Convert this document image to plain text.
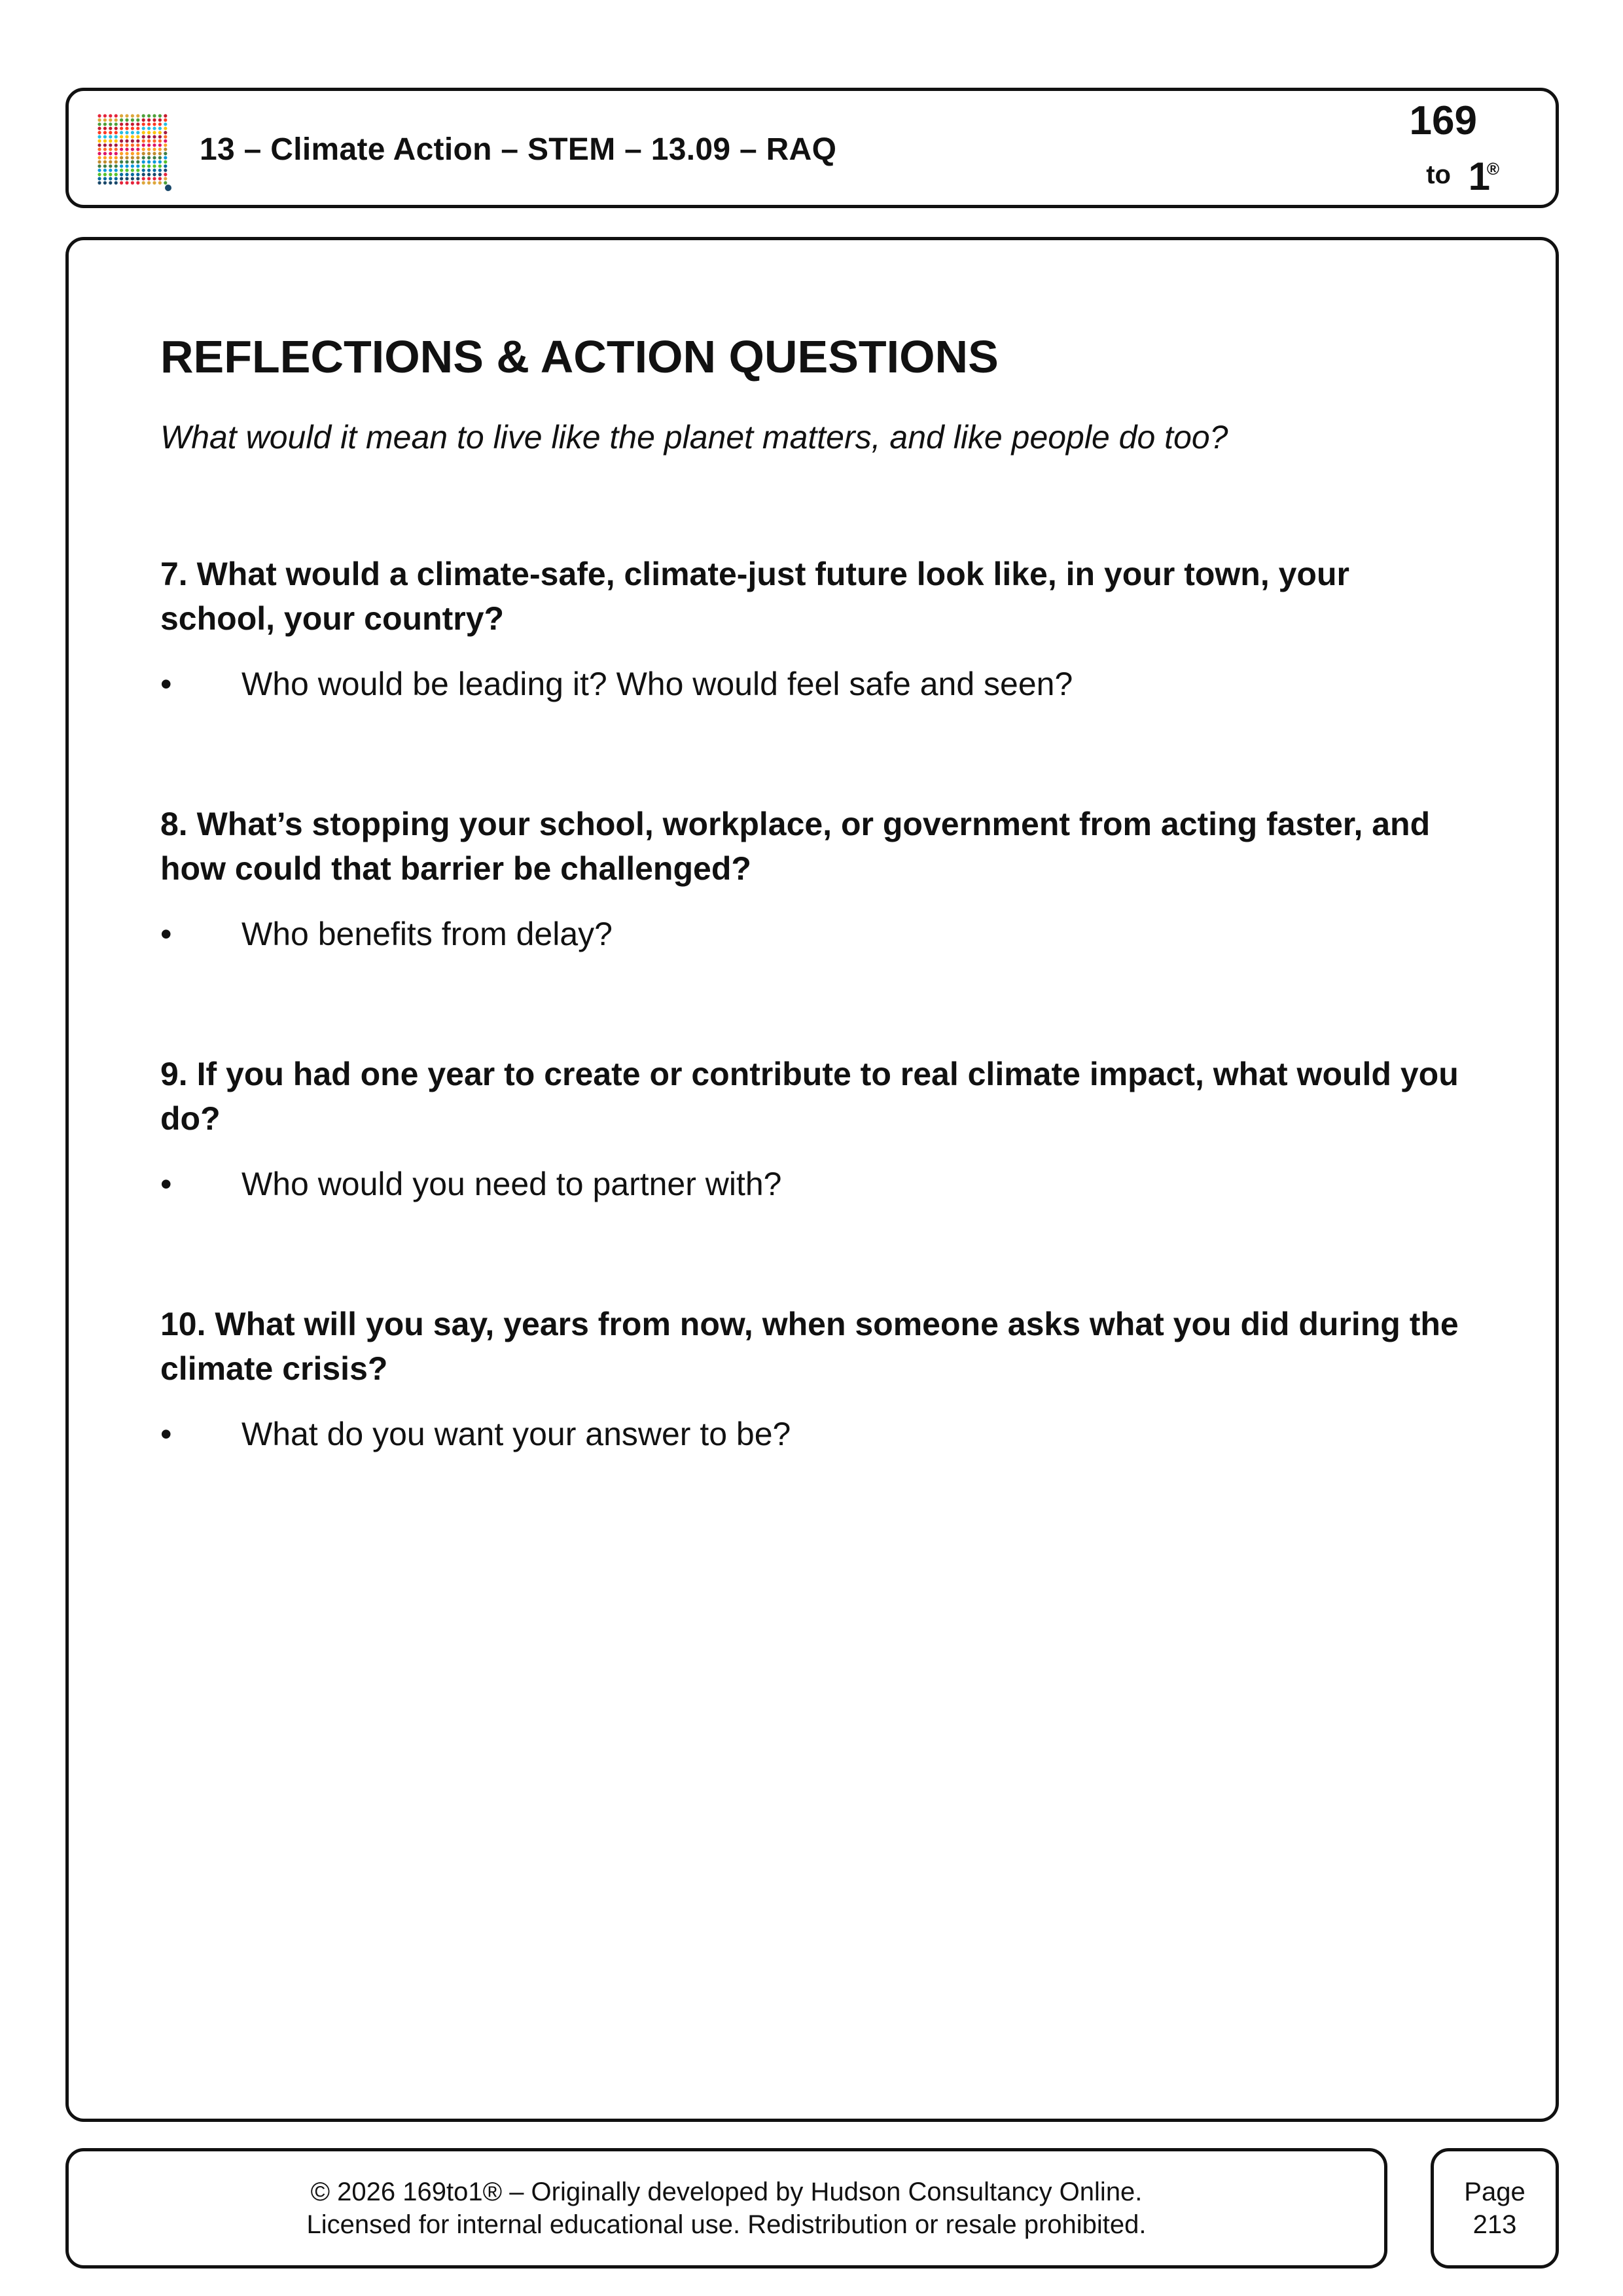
13 – Climate Action – STEM – 13.09 – RAQ
169
to 1
®
REFLECTIONS & ACTION QUESTIONS
What would it mean to live like the planet matters, and like people do too?

7. What would a climate-safe, climate-just future look like, in your town, your school, your country?

•	Who would be leading it? Who would feel safe and seen?

8. What’s stopping your school, workplace, or government from acting faster, and how could that barrier be challenged?

•	Who benefits from delay?

9. If you had one year to create or contribute to real climate impact, what would you do?

•	Who would you need to partner with?

10. What will you say, years from now, when someone asks what you did during the climate crisis?

•	What do you want your answer to be?
© 2026 169to1® – Originally developed by Hudson Consultancy Online.
Licensed for internal educational use. Redistribution or resale prohibited.
Page
213
